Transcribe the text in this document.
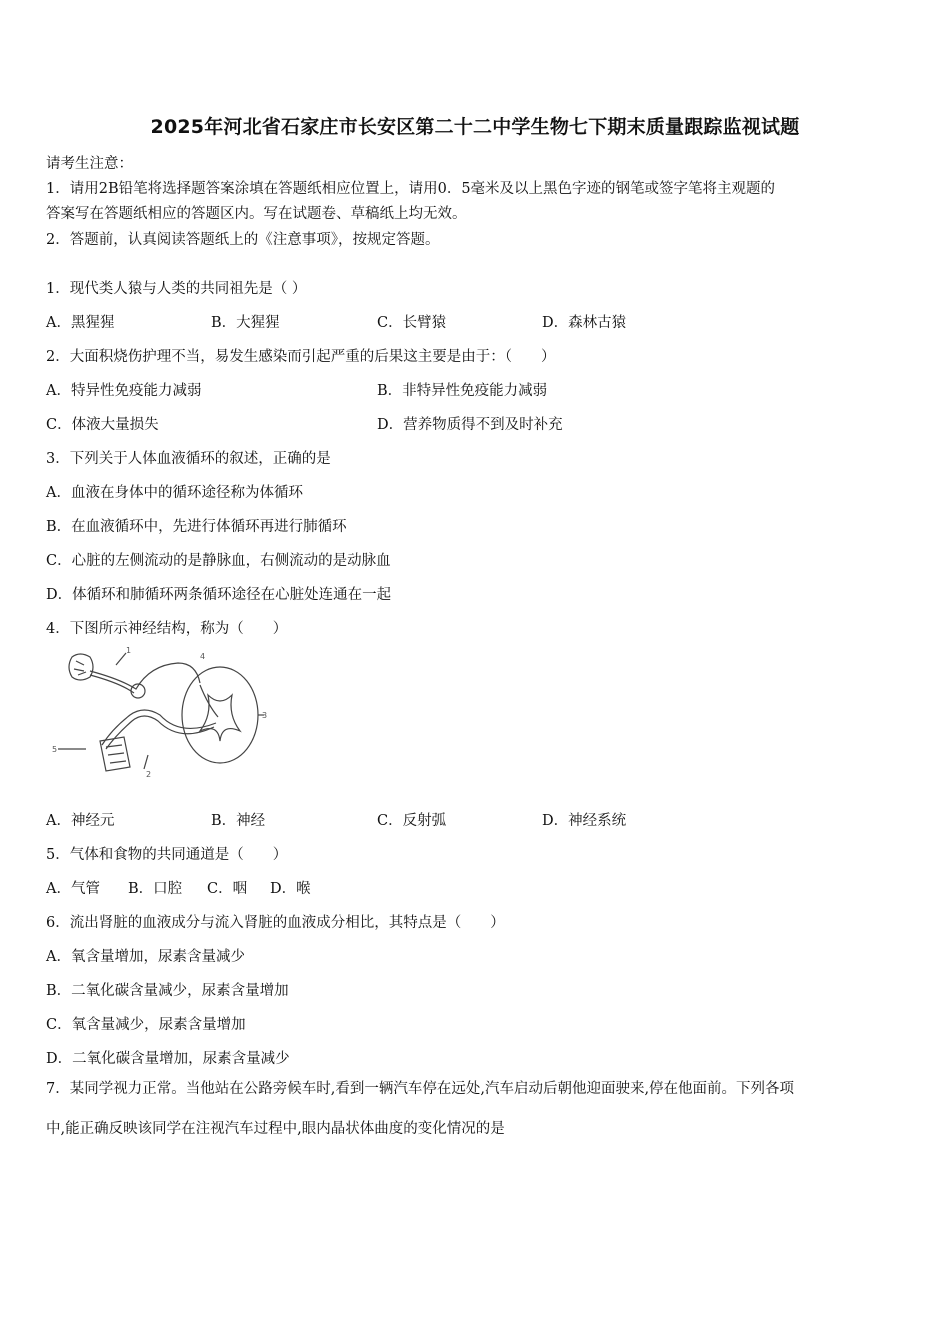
2025年河北省石家庄市长安区第二十二中学生物七下期末质量跟踪监视试题
请考生注意：
1．请用2B铅笔将选择题答案涂填在答题纸相应位置上，请用0．5毫米及以上黑色字迹的钢笔或签字笔将主观题的
答案写在答题纸相应的答题区内。写在试题卷、草稿纸上均无效。
2．答题前，认真阅读答题纸上的《注意事项》，按规定答题。
1．现代类人猿与人类的共同祖先是（ ）
A．黑猩猩	B．大猩猩	C．长臂猿	D．森林古猿
2．大面积烧伤护理不当，易发生感染而引起严重的后果这主要是由于：（　　）
A．特异性免疫能力减弱	B．非特异性免疫能力减弱
C．体液大量损失	D．营养物质得不到及时补充
3．下列关于人体血液循环的叙述，正确的是
A．血液在身体中的循环途径称为体循环
B．在血液循环中，先进行体循环再进行肺循环
C．心脏的左侧流动的是静脉血，右侧流动的是动脉血
D．体循环和肺循环两条循环途径在心脏处连通在一起
4．下图所示神经结构，称为（　　）
1
2
3
4
5
A．神经元	B．神经	C．反射弧	D．神经系统
5．气体和食物的共同通道是（　　）
A．气管 B．口腔 C．咽 D．喉
6．流出肾脏的血液成分与流入肾脏的血液成分相比，其特点是（　　）
A．氧含量增加，尿素含量减少
B．二氧化碳含量减少，尿素含量增加
C．氧含量减少，尿素含量增加
D．二氧化碳含量增加，尿素含量减少
7．某同学视力正常。当他站在公路旁候车时,看到一辆汽车停在远处,汽车启动后朝他迎面驶来,停在他面前。下列各项
中,能正确反映该同学在注视汽车过程中,眼内晶状体曲度的变化情况的是
